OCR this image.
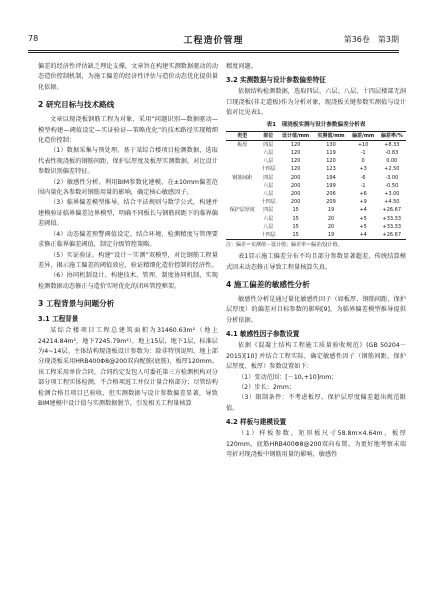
78	工程造价管理	第36卷　第3期

偏差的经济性评估缺乏理论支撑。文章旨在构建实测数据驱动的动态造价控制机制，为施工偏差的经济性评估与造价动态优化提供量化依据。

2 研究目标与技术路线

文章以现浇板钢筋工程为对象，采用“问题识别—数据驱动—模型构建—阈值设定—实证验证—策略优化”的技术路径实现精细化造价控制：

（1）数据采集与预处理。基于某综合楼项目检测数据，选取代表性现浇板的钢筋间距、保护层厚度及板厚实测数据，对比设计参数识别偏差特征。

（2）敏感性分析。利用BIM参数化建模，在±10mm偏差范围内量化各参数对钢筋用量的影响，确定核心敏感因子。

（3）临界偏差模型推导。结合平法规则与数学公式，构建并建模验证临界偏差边界模型，明确不同板长与钢筋间距下的临界偏差阈值。

（4）动态偏差预警阈值设定。结合环境、检测精度与管理要求修正临界偏差阈值，制定分级管控策略。

（5）实证验证。构建“设计－实测”双模型，对比钢筋工程量差异，揭示施工偏差的阈值效应，验证精细化造价控制的经济性。

（6）协同机制设计。构建技术、管理、制度协同机制，实现检测数据动态修正与造价实时优化的闭环管控框架。

3 工程背景与问题分析
3.1 工程背景

某综合楼项目工程总建筑面积为31460.63m²（地上24214.84m²，地下7245.79m²），地上15层，地下1层，标准层为4~14层。主体结构现浇板设计参数为：除非特别说明，地上部分现浇板采用HRB400Φ8@200双向配筋(底筋)，板厚120mm。该工程采用单价合同，合同约定发包人可委托第三方检测机构对分部分项工程实体检测，不合格项返工并仅计量合格部分；尽管结构检测合格且项目已验收，但实测数据与设计参数偏差显著，导致BIM建模中设计值与实测数据脱节，引发相关工程量核算

精度问题。

3.2 实测数据与设计参数偏差特征

依据结构检测数据，选取四层、六层、八层、十四层楼部无洞口现浇板(非走道板)作为分析对象，现浇板关键参数实测值与设计值对比见表1。

表1　现浇板实测与设计参数偏差分析表
类型	部位	设计值/mm	实测值/mm	偏差/mm	偏差率/%
板厚	四层	120	130	+10	+8.33
	六层	120	119	-1	-0.83
	八层	120	120	0	0.00
	十四层	120	123	+3	+2.50
钢筋间距	四层	200	194	-6	-3.00
	六层	200	199	-1	-0.50
	八层	200	206	+6	+3.00
	十四层	200	209	+9	+4.50
保护层厚度	四层	15	19	+4	+26.67
	六层	15	20	+5	+33.33
	八层	15	20	+5	+33.33
	十四层	15	19	+4	+26.67
注：偏差＝实测值－设计值；偏差率＝偏差/设计值。

表1显示施工偏差分布不均且部分参数显著超差，传统结算模式因未动态修正导致工程量核算失真。

4 施工偏差的敏感性分析

敏感性分析是通过量化敏感性因子（如板厚、钢筋间距、保护层厚度）的偏差对目标参数的影响[9]，为临界偏差模型推导提供分析依据。

4.1 敏感性因子参数设置

依据《混凝土结构工程施工质量验收规范》(GB 50204－2015)[10] 并结合工程实际，确定敏感性因子（钢筋间距、保护层厚度、板厚）参数设置如下：

（1）变动范围：[－10,+10]mm；

（2）步长：2mm；

（3）限制条件：不考虑板厚、保护层厚度偏差超出规范限值。

4.2 样板与建模设置

（1）样板参数。矩形板尺寸58.8m×4.64m，板厚120mm，底筋HRB400Φ8@200双向布置。为更好地考察末端弯折对现浇板中钢筋用量的影响，敏感性
